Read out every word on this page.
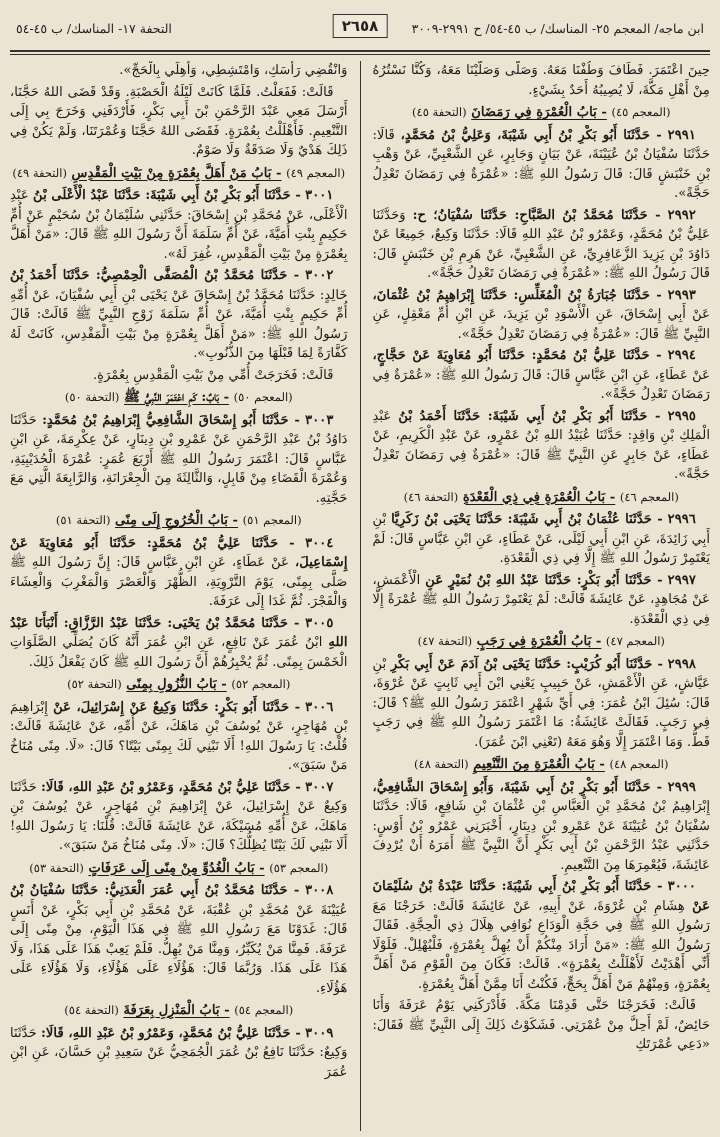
ابن ماجه/ المعجم ٢٥- المناسك/ ب ٤٥-٥٤/ ح ٢٩٩١-٣٠٠٩
التحفة ١٧- المناسك/ ب ٤٥-٥٤	٢٦٥٨

حِينَ اعْتَمَرَ. فَطَافَ وَطُفْنَا مَعَهُ. وَصَلَّى وَصَلَّيْنَا مَعَهُ، وَكُنَّا نَسْتُرُهُ مِنْ أَهْلِ مَكَّةَ، لَا يُصِيبُهُ أَحَدٌ بِشَيْءٍ.

(المعجم ٤٥) - بَابُ الْعُمْرَةِ فِي رَمَضَانَ (التحفة ٤٥)

٢٩٩١ - حَدَّثَنَا أَبُو بَكْرِ بْنُ أَبِي شَيْبَةَ، وَعَلِيُّ بْنُ مُحَمَّدٍ، قَالَا: حَدَّثَنَا سُفْيَانُ بْنُ عُيَيْنَةَ، عَنْ بَيَانٍ وَجَابِرٍ، عَنِ الشَّعْبِيِّ، عَنْ وَهْبِ بْنِ خَنْبَشٍ قَالَ: قَالَ رَسُولُ اللهِ ﷺ: «عُمْرَةٌ فِي رَمَضَانَ تَعْدِلُ حَجَّةً».

٢٩٩٢ - حَدَّثَنَا مُحَمَّدُ بْنُ الصَّبَّاحِ: حَدَّثَنَا سُفْيَانُ؛ ح: وَحَدَّثَنَا عَلِيُّ بْنُ مُحَمَّدٍ، وَعَمْرُو بْنُ عَبْدِ اللهِ قَالَا: حَدَّثَنَا وَكِيعٌ، جَمِيعًا عَنْ دَاوُدَ بْنِ يَزِيدَ الزَّعَافِرِيِّ، عَنِ الشَّعْبِيِّ، عَنْ هَرِمِ بْنِ خَنْبَشٍ قَالَ: قَالَ رَسُولُ اللهِ ﷺ: «عُمْرَةٌ فِي رَمَضَانَ تَعْدِلُ حَجَّةً».

٢٩٩٣ - حَدَّثَنَا جُبَارَةُ بْنُ الْمُغَلِّسِ: حَدَّثَنَا إِبْرَاهِيمُ بْنُ عُثْمَانَ، عَنْ أَبِي إِسْحَاقَ، عَنِ الْأَسْوَدِ بْنِ يَزِيدَ، عَنِ ابْنِ أُمِّ مَعْقِلٍ، عَنِ النَّبِيِّ ﷺ قَالَ: «عُمْرَةٌ فِي رَمَضَانَ تَعْدِلُ حَجَّةً».

٢٩٩٤ - حَدَّثَنَا عَلِيُّ بْنُ مُحَمَّدٍ: حَدَّثَنَا أَبُو مُعَاوِيَةَ عَنْ حَجَّاجٍ، عَنْ عَطَاءٍ، عَنِ ابْنِ عَبَّاسٍ قَالَ: قَالَ رَسُولُ اللهِ ﷺ: «عُمْرَةٌ فِي رَمَضَانَ تَعْدِلُ حَجَّةً».

٢٩٩٥ - حَدَّثَنَا أَبُو بَكْرِ بْنُ أَبِي شَيْبَةَ: حَدَّثَنَا أَحْمَدُ بْنُ عَبْدِ الْمَلِكِ بْنِ وَاقِدٍ: حَدَّثَنَا عُبَيْدُ اللهِ بْنُ عَمْرٍو، عَنْ عَبْدِ الْكَرِيمِ، عَنْ عَطَاءٍ، عَنْ جَابِرٍ عَنِ النَّبِيِّ ﷺ قَالَ: «عُمْرَةٌ فِي رَمَضَانَ تَعْدِلُ حَجَّةً».

(المعجم ٤٦) - بَابُ الْعُمْرَةِ فِي ذِي الْقَعْدَةِ (التحفة ٤٦)

٢٩٩٦ - حَدَّثَنَا عُثْمَانُ بْنُ أَبِي شَيْبَةَ: حَدَّثَنَا يَحْيَى بْنُ زَكَرِيَّا بْنِ أَبِي زَائِدَةَ، عَنِ ابْنِ أَبِي لَيْلَى، عَنْ عَطَاءٍ، عَنِ ابْنِ عَبَّاسٍ قَالَ: لَمْ يَعْتَمِرْ رَسُولُ اللهِ ﷺ إِلَّا فِي ذِي الْقَعْدَةِ.

٢٩٩٧ - حَدَّثَنَا أَبُو بَكْرٍ: حَدَّثَنَا عَبْدُ اللهِ بْنُ نُمَيْرٍ عَنِ الْأَعْمَشِ، عَنْ مُجَاهِدٍ، عَنْ عَائِشَةَ قَالَتْ: لَمْ يَعْتَمِرْ رَسُولُ اللهِ ﷺ عُمْرَةً إِلَّا فِي ذِي الْقَعْدَةِ.

(المعجم ٤٧) - بَابُ الْعُمْرَةِ فِي رَجَبٍ (التحفة ٤٧)

٢٩٩٨ - حَدَّثَنَا أَبُو كُرَيْبٍ: حَدَّثَنَا يَحْيَى بْنُ آدَمَ عَنْ أَبِي بَكْرِ بْنِ عَيَّاشٍ، عَنِ الْأَعْمَشِ، عَنْ حَبِيبٍ يَعْنِي ابْنَ أَبِي ثَابِتٍ عَنْ عُرْوَةَ، قَالَ: سُئِلَ ابْنُ عُمَرَ: فِي أَيِّ شَهْرٍ اعْتَمَرَ رَسُولُ اللهِ ﷺ؟ قَالَ: فِي رَجَبٍ. فَقَالَتْ عَائِشَةُ: مَا اعْتَمَرَ رَسُولُ اللهِ ﷺ فِي رَجَبٍ قَطُّ. وَمَا اعْتَمَرَ إِلَّا وَهُوَ مَعَهُ (تَعْنِي ابْنَ عُمَرَ).

(المعجم ٤٨) - بَابُ الْعُمْرَةِ مِنَ التَّنْعِيمِ (التحفة ٤٨)

٢٩٩٩ - حَدَّثَنَا أَبُو بَكْرِ بْنُ أَبِي شَيْبَةَ، وَأَبُو إِسْحَاقَ الشَّافِعِيُّ، إِبْرَاهِيمُ بْنُ مُحَمَّدِ بْنِ الْعَبَّاسِ بْنِ عُثْمَانَ بْنِ شَافِعٍ، قَالَا: حَدَّثَنَا سُفْيَانُ بْنُ عُيَيْنَةَ عَنْ عَمْرِو بْنِ دِينَارٍ، أَخْبَرَنِي عَمْرُو بْنُ أَوْسٍ: حَدَّثَنِي عَبْدُ الرَّحْمَنِ بْنُ أَبِي بَكْرٍ أَنَّ النَّبِيَّ ﷺ أَمَرَهُ أَنْ يُرْدِفَ عَائِشَةَ، فَيُعْمِرَهَا مِنَ التَّنْعِيمِ.

٣٠٠٠ - حَدَّثَنَا أَبُو بَكْرِ بْنُ أَبِي شَيْبَةَ: حَدَّثَنَا عَبْدَةُ بْنُ سُلَيْمَانَ عَنْ هِشَامِ بْنِ عُرْوَةَ، عَنْ أَبِيهِ، عَنْ عَائِشَةَ قَالَتْ: خَرَجْنَا مَعَ رَسُولِ اللهِ ﷺ فِي حَجَّةِ الْوَدَاعِ نُوَافِي هِلَالَ ذِي الْحِجَّةِ. فَقَالَ رَسُولُ اللهِ ﷺ: «مَنْ أَرَادَ مِنْكُمْ أَنْ يُهِلَّ بِعُمْرَةٍ، فَلْيُهْلِلْ. فَلَوْلَا أَنِّي أَهْدَيْتُ لَأَهْلَلْتُ بِعُمْرَةٍ». قَالَتْ: فَكَانَ مِنَ الْقَوْمِ مَنْ أَهَلَّ بِعُمْرَةٍ، وَمِنْهُمْ مَنْ أَهَلَّ بِحَجٍّ، فَكُنْتُ أَنَا مِمَّنْ أَهَلَّ بِعُمْرَةٍ.

قَالَتْ: فَخَرَجْنَا حَتَّى قَدِمْنَا مَكَّةَ. فَأَدْرَكَنِي يَوْمُ عَرَفَةَ وَأَنَا حَائِضٌ، لَمْ أَحِلَّ مِنْ عُمْرَتِي. فَشَكَوْتُ ذَلِكَ إِلَى النَّبِيِّ ﷺ فَقَالَ: «دَعِي عُمْرَتَكِ

وَانْقُضِي رَأْسَكِ، وَامْتَشِطِي، وَأَهِلِّي بِالْحَجِّ».

قَالَتْ: فَفَعَلْتُ. فَلَمَّا كَانَتْ لَيْلَةُ الْحَصْبَةِ. وَقَدْ قَضَى اللهُ حَجَّنَا، أَرْسَلَ مَعِي عَبْدَ الرَّحْمَنِ بْنَ أَبِي بَكْرٍ، فَأَرْدَفَنِي وَخَرَجَ بِي إِلَى التَّنْعِيمِ. فَأَهْلَلْتُ بِعُمْرَةٍ. فَقَضَى اللهُ حَجَّنَا وَعُمْرَتَنَا، وَلَمْ يَكُنْ فِي ذَلِكَ هَدْيٌ وَلَا صَدَقَةٌ وَلَا صَوْمٌ.

(المعجم ٤٩) - بَابُ مَنْ أَهَلَّ بِعُمْرَةٍ مِنْ بَيْتِ الْمَقْدِسِ (التحفة ٤٩)

٣٠٠١ - حَدَّثَنَا أَبُو بَكْرِ بْنُ أَبِي شَيْبَةَ: حَدَّثَنَا عَبْدُ الْأَعْلَى بْنُ عَبْدِ الْأَعْلَى، عَنْ مُحَمَّدِ بْنِ إِسْحَاقَ: حَدَّثَنِي سُلَيْمَانُ بْنُ سُحَيْمٍ عَنْ أُمِّ حَكِيمٍ بِنْتِ أُمَيَّةَ، عَنْ أُمِّ سَلَمَةَ أَنَّ رَسُولَ اللهِ ﷺ قَالَ: «مَنْ أَهَلَّ بِعُمْرَةٍ مِنْ بَيْتِ الْمَقْدِسِ، غُفِرَ لَهُ».

٣٠٠٢ - حَدَّثَنَا مُحَمَّدُ بْنُ الْمُصَفَّى الْحِمْصِيُّ: حَدَّثَنَا أَحْمَدُ بْنُ خَالِدٍ: حَدَّثَنَا مُحَمَّدُ بْنُ إِسْحَاقَ عَنْ يَحْيَى بْنِ أَبِي سُفْيَانَ، عَنْ أُمِّهِ أُمِّ حَكِيمٍ بِنْتِ أُمَيَّةَ، عَنْ أُمِّ سَلَمَةَ زَوْجِ النَّبِيِّ ﷺ قَالَتْ: قَالَ رَسُولُ اللهِ ﷺ: «مَنْ أَهَلَّ بِعُمْرَةٍ مِنْ بَيْتِ الْمَقْدِسِ، كَانَتْ لَهُ كَفَّارَةً لِمَا قَبْلَهَا مِنَ الذُّنُوبِ».

قَالَتْ: فَخَرَجَتْ أُمِّي مِنْ بَيْتِ الْمَقْدِسِ بِعُمْرَةٍ.

(المعجم ٥٠) - بَابٌ: كَمِ اعْتَمَرَ النَّبِيُّ ﷺ (التحفة ٥٠)

٣٠٠٣ - حَدَّثَنَا أَبُو إِسْحَاقَ الشَّافِعِيُّ إِبْرَاهِيمُ بْنُ مُحَمَّدٍ: حَدَّثَنَا دَاوُدُ بْنُ عَبْدِ الرَّحْمَنِ عَنْ عَمْرِو بْنِ دِينَارٍ، عَنْ عِكْرِمَةَ، عَنِ ابْنِ عَبَّاسٍ قَالَ: اعْتَمَرَ رَسُولُ اللهِ ﷺ أَرْبَعَ عُمَرٍ: عُمْرَةَ الْحُدَيْبِيَةِ، وَعُمْرَةَ الْقَضَاءِ مِنْ قَابِلٍ، وَالثَّالِثَةَ مِنَ الْجِعْرَانَةِ، وَالرَّابِعَةَ الَّتِي مَعَ حَجَّتِهِ.

(المعجم ٥١) - بَابُ الْخُرُوجِ إِلَى مِنًى (التحفة ٥١)

٣٠٠٤ - حَدَّثَنَا عَلِيُّ بْنُ مُحَمَّدٍ: حَدَّثَنَا أَبُو مُعَاوِيَةَ عَنْ إِسْمَاعِيلَ، عَنْ عَطَاءٍ، عَنِ ابْنِ عَبَّاسٍ قَالَ: إِنَّ رَسُولَ اللهِ ﷺ صَلَّى بِمِنًى، يَوْمَ التَّرْوِيَةِ، الظُّهْرَ وَالْعَصْرَ وَالْمَغْرِبَ وَالْعِشَاءَ وَالْفَجْرَ. ثُمَّ غَدَا إِلَى عَرَفَةَ.

٣٠٠٥ - حَدَّثَنَا مُحَمَّدُ بْنُ يَحْيَى: حَدَّثَنَا عَبْدُ الرَّزَّاقِ: أَنْبَأَنَا عَبْدُ اللهِ ابْنُ عُمَرَ عَنْ نَافِعٍ، عَنِ ابْنِ عُمَرَ أَنَّهُ كَانَ يُصَلِّي الصَّلَوَاتِ الْخَمْسَ بِمِنًى. ثُمَّ يُخْبِرُهُمْ أَنَّ رَسُولَ اللهِ ﷺ كَانَ يَفْعَلُ ذَلِكَ.

(المعجم ٥٢) - بَابُ النُّزُولِ بِمِنًى (التحفة ٥٢)

٣٠٠٦ - حَدَّثَنَا أَبُو بَكْرٍ: حَدَّثَنَا وَكِيعٌ عَنْ إِسْرَائِيلَ، عَنْ إِبْرَاهِيمَ بْنِ مُهَاجِرٍ، عَنْ يُوسُفَ بْنِ مَاهَكَ، عَنْ أُمِّهِ، عَنْ عَائِشَةَ قَالَتْ: قُلْتُ: يَا رَسُولَ اللهِ! أَلَا نَبْنِي لَكَ بِمِنًى بَيْتًا؟ قَالَ: «لَا. مِنًى مُنَاخُ مَنْ سَبَقَ».

٣٠٠٧ - حَدَّثَنَا عَلِيُّ بْنُ مُحَمَّدٍ، وَعَمْرُو بْنُ عَبْدِ اللهِ، قَالَا: حَدَّثَنَا وَكِيعٌ عَنْ إِسْرَائِيلَ، عَنْ إِبْرَاهِيمَ بْنِ مُهَاجِرٍ، عَنْ يُوسُفَ بْنِ مَاهَكَ، عَنْ أُمِّهِ مُسَيْكَةَ، عَنْ عَائِشَةَ قَالَتْ: قُلْنَا: يَا رَسُولَ اللهِ! أَلَا نَبْنِي لَكَ بَيْتًا يُظِلُّكَ؟ قَالَ: «لَا. مِنًى مُنَاخُ مَنْ سَبَقَ».

(المعجم ٥٣) - بَابُ الْغُدُوِّ مِنْ مِنًى إِلَى عَرَفَاتٍ (التحفة ٥٣)

٣٠٠٨ - حَدَّثَنَا مُحَمَّدُ بْنُ أَبِي عُمَرَ الْعَدَنِيُّ: حَدَّثَنَا سُفْيَانُ بْنُ عُيَيْنَةَ عَنْ مُحَمَّدِ بْنِ عُقْبَةَ، عَنْ مُحَمَّدِ بْنِ أَبِي بَكْرٍ، عَنْ أَنَسٍ قَالَ: غَدَوْنَا مَعَ رَسُولِ اللهِ ﷺ فِي هَذَا الْيَوْمِ، مِنْ مِنًى إِلَى عَرَفَةَ. فَمِنَّا مَنْ يُكَبِّرُ، وَمِنَّا مَنْ يُهِلُّ. فَلَمْ يَعِبْ هَذَا عَلَى هَذَا، وَلَا هَذَا عَلَى هَذَا. وَرُبَّمَا قَالَ: هَؤُلَاءِ عَلَى هَؤُلَاءِ، وَلَا هَؤُلَاءِ عَلَى هَؤُلَاءِ.

(المعجم ٥٤) - بَابُ الْمَنْزِلِ بِعَرَفَةَ (التحفة ٥٤)

٣٠٠٩ - حَدَّثَنَا عَلِيُّ بْنُ مُحَمَّدٍ، وَعَمْرُو بْنُ عَبْدِ اللهِ، قَالَا: حَدَّثَنَا وَكِيعٌ: حَدَّثَنَا نَافِعُ بْنُ عُمَرَ الْجُمَحِيُّ عَنْ سَعِيدِ بْنِ حَسَّانَ، عَنِ ابْنِ عُمَرَ
